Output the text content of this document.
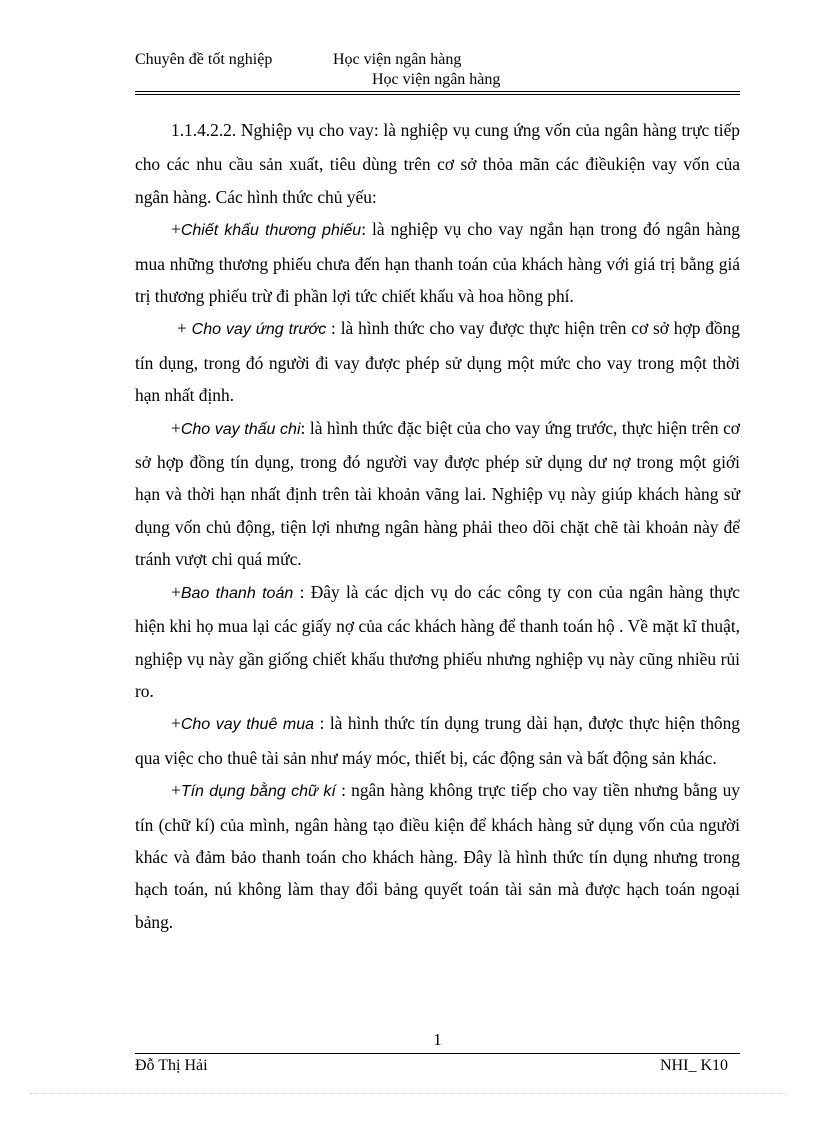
Chuyên đề tốt nghiệp	Học viện ngân hàng
Học viện ngân hàng

1.1.4.2.2. Nghiệp vụ cho vay: là nghiệp vụ cung ứng vốn của ngân hàng trực tiếp cho các nhu cầu sản xuất, tiêu dùng trên cơ sở thỏa mãn các điềukiện vay vốn của ngân hàng. Các hình thức chủ yếu:

+Chiết khấu thương phiếu: là nghiệp vụ cho vay ngắn hạn trong đó ngân hàng mua những thương phiếu chưa đến hạn thanh toán của khách hàng với giá trị bằng giá trị thương phiếu trừ đi phần lợi tức chiết khấu và hoa hồng phí.

+ Cho vay ứng trước : là hình thức cho vay được thực hiện trên cơ sở hợp đồng tín dụng, trong đó người đi vay được phép sử dụng một mức cho vay trong một thời hạn nhất định.

+Cho vay thấu chi: là hình thức đặc biệt của cho vay ứng trước, thực hiện trên cơ sở hợp đồng tín dụng, trong đó người vay được phép sử dụng dư nợ trong một giới hạn và thời hạn nhất định trên tài khoản vãng lai. Nghiệp vụ này giúp khách hàng sử dụng vốn chủ động, tiện lợi nhưng ngân hàng phải theo dõi chặt chẽ tài khoản này để tránh vượt chi quá mức.

+Bao thanh toán : Đây là các dịch vụ do các công ty con của ngân hàng thực hiện khi họ mua lại các giấy nợ của các khách hàng để thanh toán hộ . Về mặt kĩ thuật, nghiệp vụ này gần giống chiết khấu thương phiếu nhưng nghiệp vụ này cũng nhiều rủi ro.

+Cho vay thuê mua : là hình thức tín dụng trung dài hạn, được thực hiện thông qua việc cho thuê tài sản như máy móc, thiết bị, các động sản và bất động sản khác.

+Tín dụng bằng chữ kí : ngân hàng không trực tiếp cho vay tiền nhưng bằng uy tín (chữ kí) của mình, ngân hàng tạo điều kiện để khách hàng sử dụng vốn của người khác và đảm bảo thanh toán cho khách hàng. Đây là hình thức tín dụng nhưng trong hạch toán, nú không làm thay đổi bảng quyết toán tài sản mà được hạch toán ngoại bảng.

1
Đỗ Thị Hải	NHI_ K10
